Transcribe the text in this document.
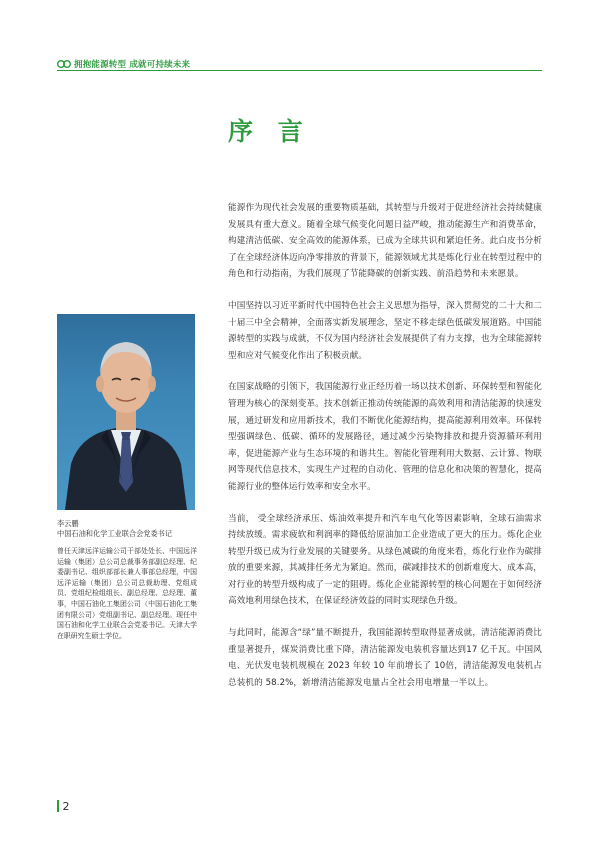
拥抱能源转型 成就可持续未来
序 言

能源作为现代社会发展的重要物质基础，其转型与升级对于促进经济社会持续健康发展具有重大意义。随着全球气候变化问题日益严峻，推动能源生产和消费革命，构建清洁低碳、安全高效的能源体系，已成为全球共识和紧迫任务。此白皮书分析了在全球经济体迈向净零排放的背景下，能源领域尤其是炼化行业在转型过程中的角色和行动指南，为我们展现了节能降碳的创新实践、前沿趋势和未来愿景。

中国坚持以习近平新时代中国特色社会主义思想为指导，深入贯彻党的二十大和二十届三中全会精神，全面落实新发展理念，坚定不移走绿色低碳发展道路。中国能源转型的实践与成就，不仅为国内经济社会发展提供了有力支撑，也为全球能源转型和应对气候变化作出了积极贡献。

在国家战略的引领下，我国能源行业正经历着一场以技术创新、环保转型和智能化管理为核心的深刻变革。技术创新正推动传统能源的高效利用和清洁能源的快速发展，通过研发和应用新技术，我们不断优化能源结构，提高能源利用效率。环保转型强调绿色、低碳、循环的发展路径，通过减少污染物排放和提升资源循环利用率，促进能源产业与生态环境的和谐共生。智能化管理利用大数据、云计算、物联网等现代信息技术，实现生产过程的自动化、管理的信息化和决策的智慧化，提高能源行业的整体运行效率和安全水平。

当前， 受全球经济承压、炼油效率提升和汽车电气化等因素影响，全球石油需求持续放缓。需求疲软和利润率的降低给原油加工企业造成了更大的压力。炼化企业转型升级已成为行业发展的关键要务。从绿色减碳的角度来看，炼化行业作为碳排放的重要来源，其减排任务尤为紧迫。然而，碳减排技术的创新难度大、成本高，对行业的转型升级构成了一定的阻碍。炼化企业能源转型的核心问题在于如何经济高效地利用绿色技术，在保证经济效益的同时实现绿色升级。

与此同时，能源含“绿”量不断提升，我国能源转型取得显著成就，清洁能源消费比重显著提升，煤炭消费比重下降，清洁能源发电装机容量达到17 亿千瓦。中国风电、光伏发电装机规模在 2023 年较 10 年前增长了 10倍，清洁能源发电装机占总装机的 58.2%，新增清洁能源发电量占全社会用电增量一半以上。

李云鹏
中国石油和化学工业联合会党委书记
曾任天津远洋运输公司干部处处长、中国远洋运输（集团）总公司总裁事务部副总经理、纪委副书记、组织部部长兼人事部总经理，中国远洋运输（集团）总公司总裁助理、党组成员、党组纪检组组长、副总经理、总经理、董事，中国石油化工集团公司（中国石油化工集团有限公司）党组副书记、副总经理。现任中国石油和化学工业联合会党委书记。天津大学在职研究生硕士学位。
2
